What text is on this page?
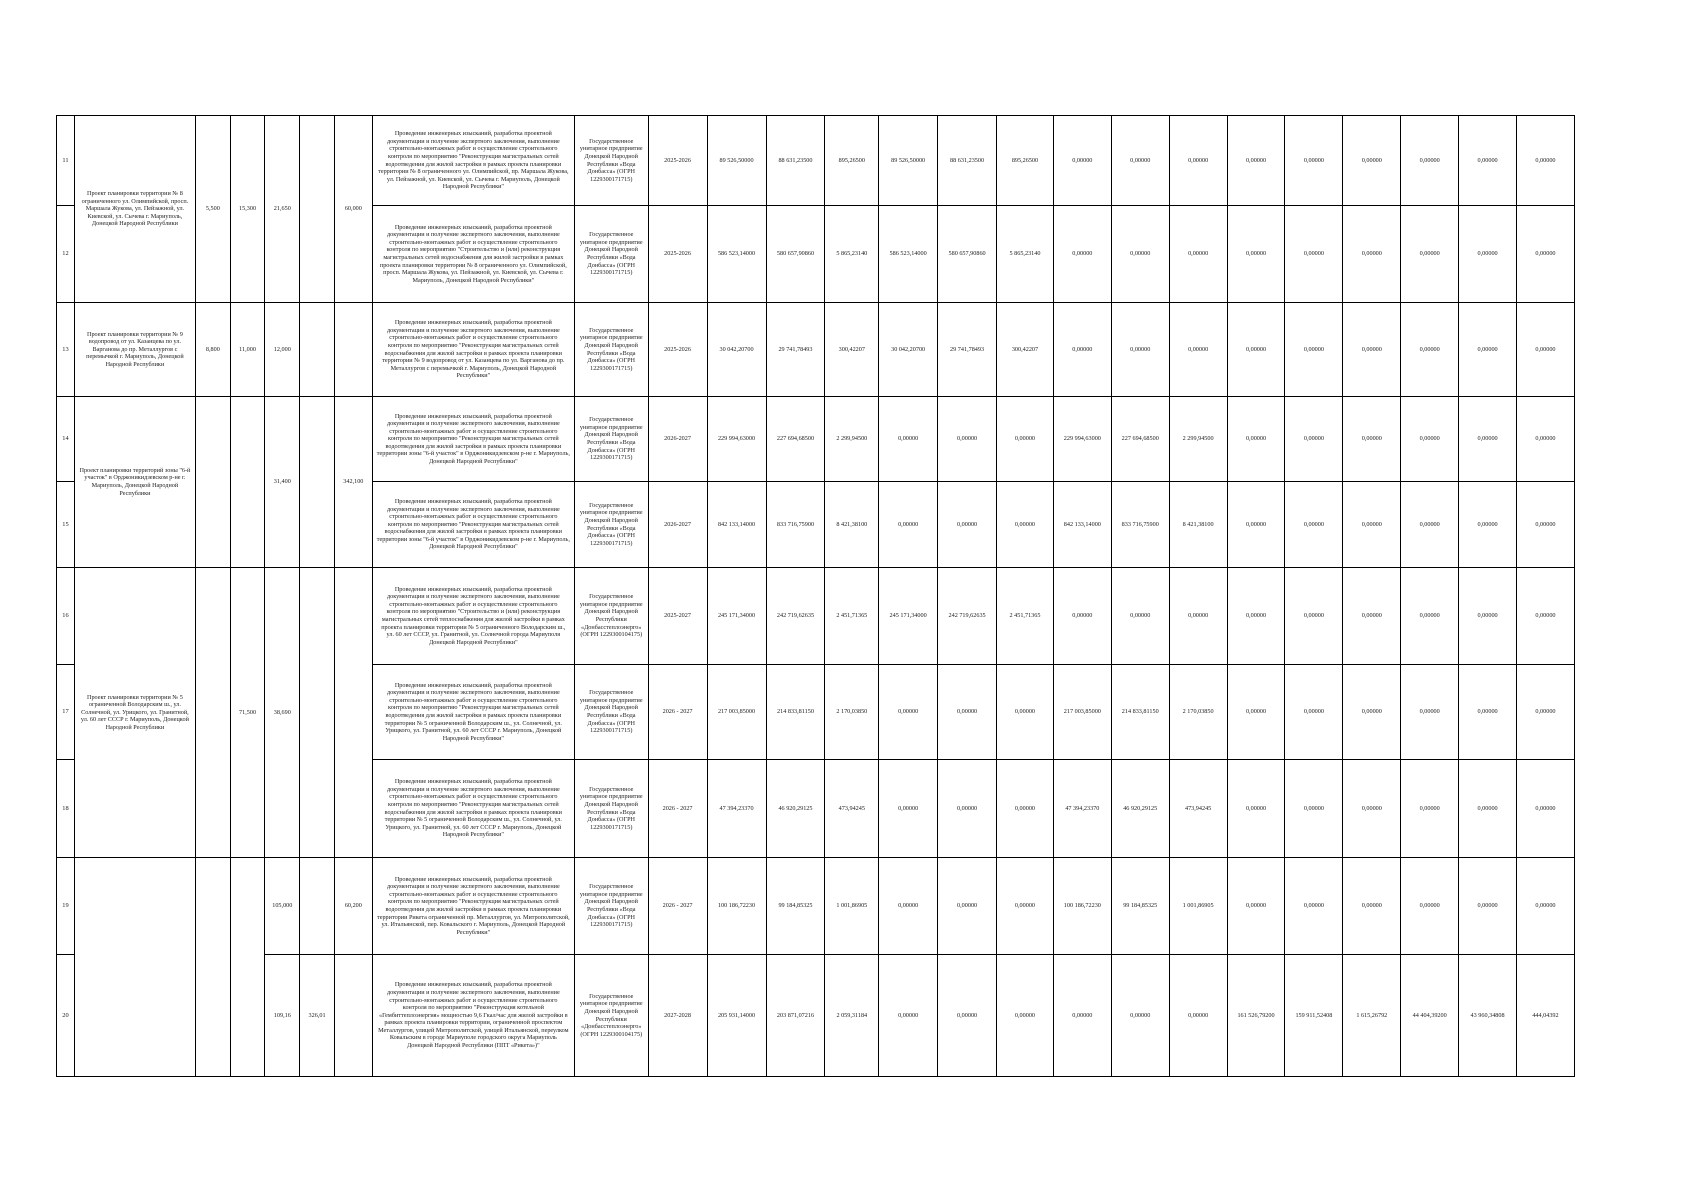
11	Проект планировки территории № 8 ограниченного ул. Олимпийской, просп. Маршала Жукова, ул. Пейзажной, ул. Киевской, ул. Сычева г. Мариуполь, Донецкой Народной Республики	5,500	15,300	21,650		60,000	Проведение инженерных изысканий, разработка проектной документации и получение экспертного заключения, выполнение строительно-монтажных работ и осуществление строительного контроля по мероприятию "Реконструкция магистральных сетей водоотведения для жилой застройки в рамках проекта планировки территории № 8 ограниченного ул. Олимпийской, пр. Маршала Жукова, ул. Пейзажной, ул. Киевской, ул. Сычева г. Мариуполь, Донецкой Народной Республики"	Государственное унитарное предприятие Донецкой Народной Республики «Вода Донбасса» (ОГРН 1229300171715)	2025-2026	89 526,50000	88 631,23500	895,26500	89 526,50000	88 631,23500	895,26500	0,00000	0,00000	0,00000	0,00000	0,00000	0,00000	0,00000	0,00000	0,00000
12							Проведение инженерных изысканий, разработка проектной документации и получение экспертного заключения, выполнение строительно-монтажных работ и осуществление строительного контроля по мероприятию "Строительство и (или) реконструкция магистральных сетей водоснабжения для жилой застройки в рамках проекта планировки территории № 8 ограниченного ул. Олимпийской, просп. Маршала Жукова, ул. Пейзажной, ул. Киевской, ул. Сычева г. Мариуполь, Донецкой Народной Республики"	Государственное унитарное предприятие Донецкой Народной Республики «Вода Донбасса» (ОГРН 1229300171715)	2025-2026	586 523,14000	580 657,90860	5 865,23140	586 523,14000	580 657,90860	5 865,23140	0,00000	0,00000	0,00000	0,00000	0,00000	0,00000	0,00000	0,00000	0,00000
13	Проект планировки территории № 9 водопровод от ул. Казанцева по ул. Варганова до пр. Металлургов с перемычкой г. Мариуполь, Донецкой Народной Республики	8,800	11,000	12,000			Проведение инженерных изысканий, разработка проектной документации и получение экспертного заключения, выполнение строительно-монтажных работ и осуществление строительного контроля по мероприятию "Реконструкция магистральных сетей водоснабжения для жилой застройки в рамках проекта планировки территории № 9 водопровод от ул. Казанцева по ул. Варганова до пр. Металлургов с перемычкой г. Мариуполь, Донецкой Народной Республики"	Государственное унитарное предприятие Донецкой Народной Республики «Вода Донбасса» (ОГРН 1229300171715)	2025-2026	30 042,20700	29 741,78493	300,42207	30 042,20700	29 741,78493	300,42207	0,00000	0,00000	0,00000	0,00000	0,00000	0,00000	0,00000	0,00000	0,00000
14	Проект планировки территорий зоны "6-й участок" в Орджоникидзевском р-не г. Мариуполь, Донецкой Народной Республики			31,400		342,100	Проведение инженерных изысканий, разработка проектной документации и получение экспертного заключения, выполнение строительно-монтажных работ и осуществление строительного контроля по мероприятию "Реконструкция магистральных сетей водоотведения для жилой застройки в рамках проекта планировки территории зоны "6-й участок" в Орджоникидзевском р-не г. Мариуполь, Донецкой Народной Республики"	Государственное унитарное предприятие Донецкой Народной Республики «Вода Донбасса» (ОГРН 1229300171715)	2026-2027	229 994,63000	227 694,68500	2 299,94500	0,00000	0,00000	0,00000	229 994,63000	227 694,68500	2 299,94500	0,00000	0,00000	0,00000	0,00000	0,00000	0,00000
15							Проведение инженерных изысканий, разработка проектной документации и получение экспертного заключения, выполнение строительно-монтажных работ и осуществление строительного контроля по мероприятию "Реконструкция магистральных сетей водоснабжения для жилой застройки в рамках проекта планировки территории зоны "6-й участок" в Орджоникидзевском р-не г. Мариуполь, Донецкой Народной Республики"	Государственное унитарное предприятие Донецкой Народной Республики «Вода Донбасса» (ОГРН 1229300171715)	2026-2027	842 133,14000	833 716,75900	8 421,38100	0,00000	0,00000	0,00000	842 133,14000	833 716,75900	8 421,38100	0,00000	0,00000	0,00000	0,00000	0,00000	0,00000
16	Проект планировки территории № 5 ограниченной Володарским ш., ул. Солнечной, ул. Урицкого, ул. Гранитной, ул. 60 лет СССР г. Мариуполь, Донецкой Народной Республики		71,500	38,690			Проведение инженерных изысканий, разработка проектной документации и получение экспертного заключения, выполнение строительно-монтажных работ и осуществление строительного контроля по мероприятию "Строительство и (или) реконструкция магистральных сетей теплоснабжения для жилой застройки в рамках проекта планировки территории № 5 ограниченного Володарским ш., ул. 60 лет СССР, ул. Гранитной, ул. Солнечной города Мариуполя Донецкой Народной Республики"	Государственное унитарное предприятие Донецкой Народной Республики «Донбасстеплоэнерго» (ОГРН 1229300104175)	2025-2027	245 171,34000	242 719,62635	2 451,71365	245 171,34000	242 719,62635	2 451,71365	0,00000	0,00000	0,00000	0,00000	0,00000	0,00000	0,00000	0,00000	0,00000
17							Проведение инженерных изысканий, разработка проектной документации и получение экспертного заключения, выполнение строительно-монтажных работ и осуществление строительного контроля по мероприятию "Реконструкция магистральных сетей водоотведения для жилой застройки в рамках проекта планировки территории № 5 ограниченной Володарским ш., ул. Солнечной, ул. Урицкого, ул. Гранитной, ул. 60 лет СССР г. Мариуполь, Донецкой Народной Республики"	Государственное унитарное предприятие Донецкой Народной Республики «Вода Донбасса» (ОГРН 1229300171715)	2026 - 2027	217 003,85000	214 833,81150	2 170,03850	0,00000	0,00000	0,00000	217 003,85000	214 833,81150	2 170,03850	0,00000	0,00000	0,00000	0,00000	0,00000	0,00000
18							Проведение инженерных изысканий, разработка проектной документации и получение экспертного заключения, выполнение строительно-монтажных работ и осуществление строительного контроля по мероприятию "Реконструкция магистральных сетей водоснабжения для жилой застройки в рамках проекта планировки территории № 5 ограниченной Володарским ш., ул. Солнечной, ул. Урицкого, ул. Гранитной, ул. 60 лет СССР г. Мариуполь, Донецкой Народной Республики"	Государственное унитарное предприятие Донецкой Народной Республики «Вода Донбасса» (ОГРН 1229300171715)	2026 - 2027	47 394,23370	46 920,29125	473,94245	0,00000	0,00000	0,00000	47 394,23370	46 920,29125	473,94245	0,00000	0,00000	0,00000	0,00000	0,00000	0,00000
19				105,000		60,200	Проведение инженерных изысканий, разработка проектной документации и получение экспертного заключения, выполнение строительно-монтажных работ и осуществление строительного контроля по мероприятию "Реконструкция магистральных сетей водоотведения для жилой застройки в рамках проекта планировки территории Рикета ограниченной пр. Металлургов, ул. Митрополитской, ул. Итальянской, пер. Ковальского г. Мариуполь, Донецкой Народной Республики"	Государственное унитарное предприятие Донецкой Народной Республики «Вода Донбасса» (ОГРН 1229300171715)	2026 - 2027	100 186,72230	99 184,85325	1 001,86905	0,00000	0,00000	0,00000	100 186,72230	99 184,85325	1 001,86905	0,00000	0,00000	0,00000	0,00000	0,00000	0,00000
20				109,16	326,01		Проведение инженерных изысканий, разработка проектной документации и получение экспертного заключения, выполнение строительно-монтажных работ и осуществление строительного контроля по мероприятию "Реконструкция котельной «Гембиттеплоэнергия» мощностью 9,6 Гкал/час для жилой застройки в рамках проекта планировки территории, ограниченной проспектом Металлургов, улицей Митрополитской, улицей Итальянской, переулком Ковальским в городе Мариуполе городского округа Мариуполь Донецкой Народной Республики (ППТ «Рикета»)"	Государственное унитарное предприятие Донецкой Народной Республики «Донбасстеплоэнерго» (ОГРН 1229300104175)	2027-2028	205 931,14000	203 871,07216	2 059,31184	0,00000	0,00000	0,00000	0,00000	0,00000	0,00000	161 526,79200	159 911,52408	1 615,26792	44 404,39200	43 960,34808	444,04392
